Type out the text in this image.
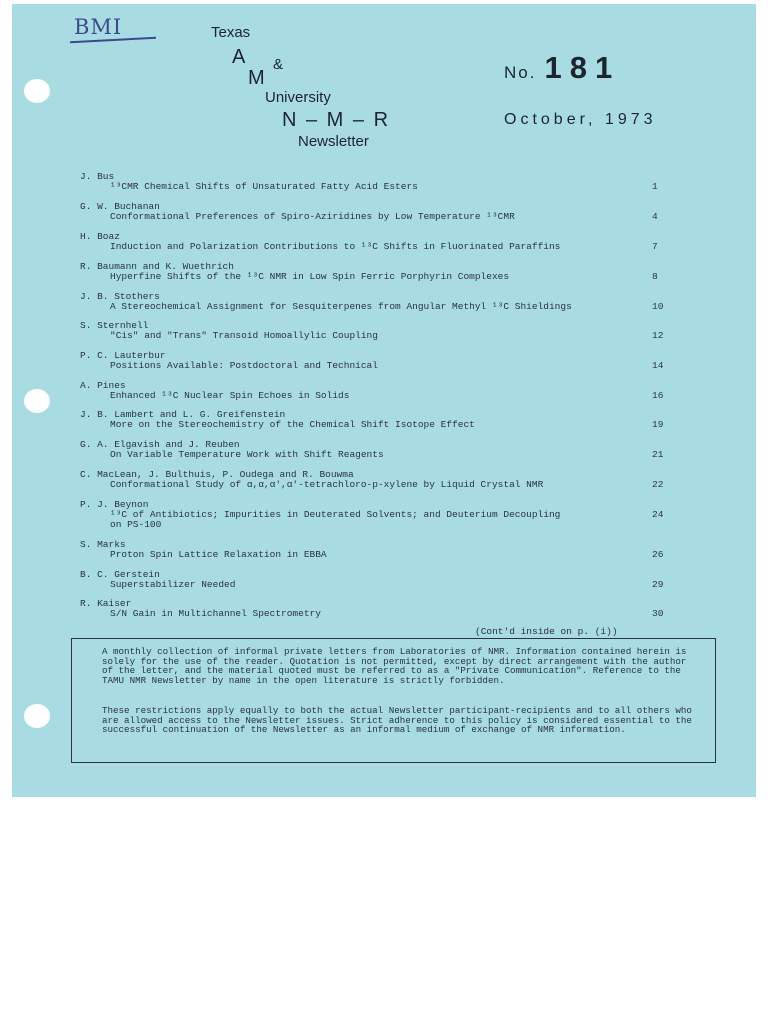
BMI	Texas
A &
M
University
N – M – R
Newsletter
No. 181
October, 1973
J. Bus
¹³CMR Chemical Shifts of Unsaturated Fatty Acid Esters	1
G. W. Buchanan
Conformational Preferences of Spiro-Aziridines by Low Temperature ¹³CMR	4
H. Boaz
Induction and Polarization Contributions to ¹³C Shifts in Fluorinated Paraffins	7
R. Baumann and K. Wuethrich
Hyperfine Shifts of the ¹³C NMR in Low Spin Ferric Porphyrin Complexes	8
J. B. Stothers
A Stereochemical Assignment for Sesquiterpenes from Angular Methyl ¹³C Shieldings	10
S. Sternhell
"Cis" and "Trans" Transoid Homoallylic Coupling	12
P. C. Lauterbur
Positions Available: Postdoctoral and Technical	14
A. Pines
Enhanced ¹³C Nuclear Spin Echoes in Solids	16
J. B. Lambert and L. G. Greifenstein
More on the Stereochemistry of the Chemical Shift Isotope Effect	19
G. A. Elgavish and J. Reuben
On Variable Temperature Work with Shift Reagents	21
C. MacLean, J. Bulthuis, P. Oudega and R. Bouwma
Conformational Study of α,α,α',α'-tetrachloro-p-xylene by Liquid Crystal NMR	22
P. J. Beynon
¹³C of Antibiotics; Impurities in Deuterated Solvents; and Deuterium Decoupling
on PS-100
24
S. Marks
Proton Spin Lattice Relaxation in EBBA	26
B. C. Gerstein
Superstabilizer Needed	29
R. Kaiser
S/N Gain in Multichannel Spectrometry	30
(Cont'd inside on p. (i))

A monthly collection of informal private letters from Laboratories of NMR. Information contained herein is solely for the use of the reader. Quotation is not permitted, except by direct arrangement with the author of the letter, and the material quoted must be referred to as a "Private Communication". Reference to the TAMU NMR Newsletter by name in the open literature is strictly forbidden.

These restrictions apply equally to both the actual Newsletter participant-recipients and to all others who are allowed access to the Newsletter issues. Strict adherence to this policy is considered essential to the successful continuation of the Newsletter as an informal medium of exchange of NMR information.
